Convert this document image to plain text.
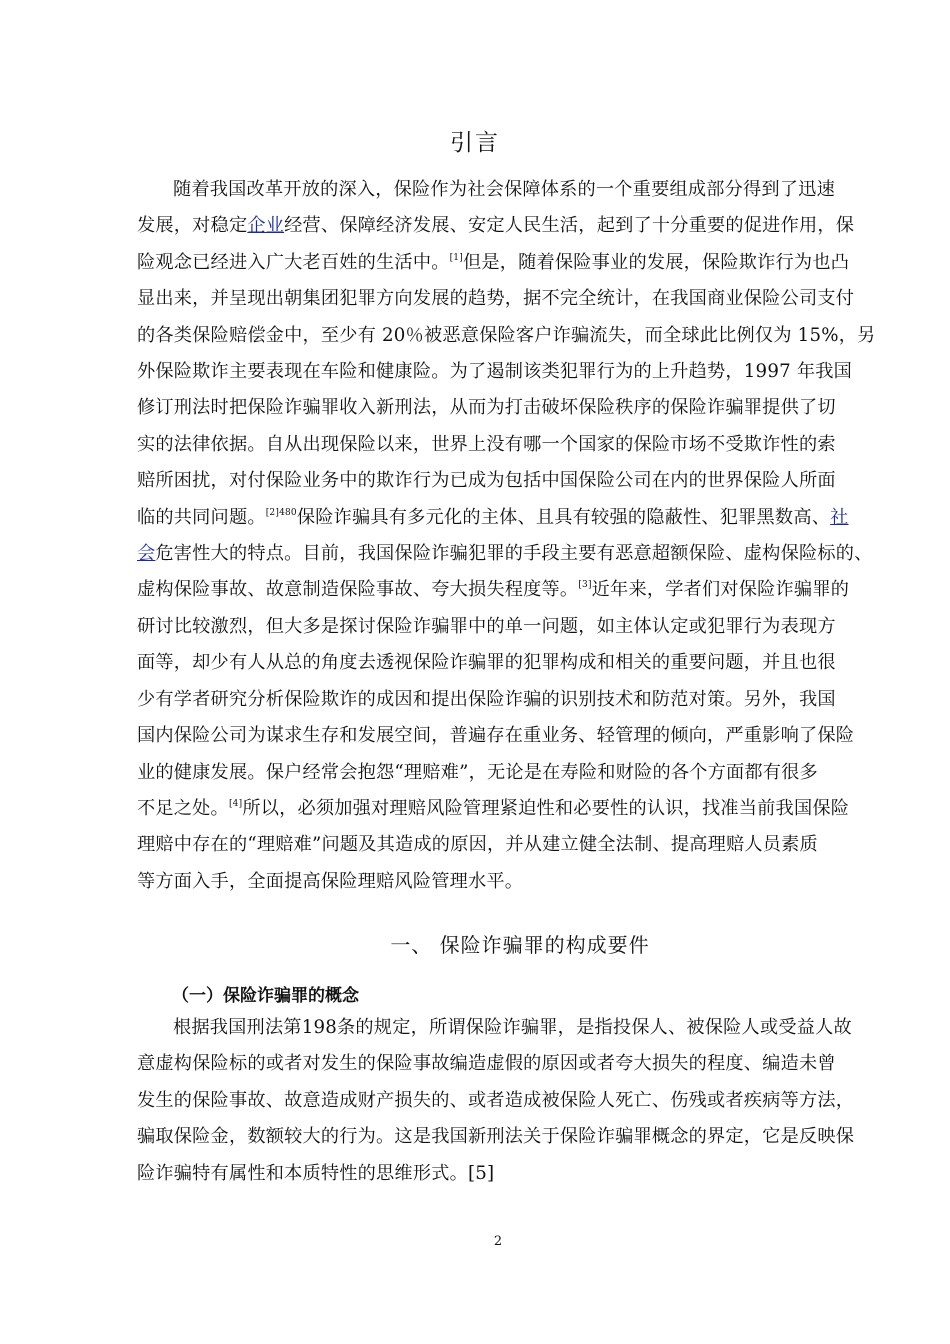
引言
随着我国改革开放的深入，保险作为社会保障体系的一个重要组成部分得到了迅速
发展，对稳定企业经营、保障经济发展、安定人民生活，起到了十分重要的促进作用，保
险观念已经进入广大老百姓的生活中。[1]但是，随着保险事业的发展，保险欺诈行为也凸
显出来，并呈现出朝集团犯罪方向发展的趋势，据不完全统计，在我国商业保险公司支付
的各类保险赔偿金中，至少有 20％被恶意保险客户诈骗流失，而全球此比例仅为 15%，另
外保险欺诈主要表现在车险和健康险。为了遏制该类犯罪行为的上升趋势，1997 年我国
修订刑法时把保险诈骗罪收入新刑法，从而为打击破坏保险秩序的保险诈骗罪提供了切
实的法律依据。自从出现保险以来，世界上没有哪一个国家的保险市场不受欺诈性的索
赔所困扰，对付保险业务中的欺诈行为已成为包括中国保险公司在内的世界保险人所面
临的共同问题。$^{[2]480}$保险诈骗具有多元化的主体、且具有较强的隐蔽性、犯罪黑数高、社
会危害性大的特点。目前，我国保险诈骗犯罪的手段主要有恶意超额保险、虚构保险标的、
虚构保险事故、故意制造保险事故、夸大损失程度等。[3]近年来，学者们对保险诈骗罪的
研讨比较激烈，但大多是探讨保险诈骗罪中的单一问题，如主体认定或犯罪行为表现方
面等，却少有人从总的角度去透视保险诈骗罪的犯罪构成和相关的重要问题，并且也很
少有学者研究分析保险欺诈的成因和提出保险诈骗的识别技术和防范对策。另外，我国
国内保险公司为谋求生存和发展空间，普遍存在重业务、轻管理的倾向，严重影响了保险
业的健康发展。保户经常会抱怨“理赔难”，无论是在寿险和财险的各个方面都有很多
不足之处。[4]所以，必须加强对理赔风险管理紧迫性和必要性的认识，找准当前我国保险
理赔中存在的“理赔难”问题及其造成的原因，并从建立健全法制、提高理赔人员素质
等方面入手，全面提高保险理赔风险管理水平。
一、 保险诈骗罪的构成要件
（一）保险诈骗罪的概念
根据我国刑法第198条的规定，所谓保险诈骗罪，是指投保人、被保险人或受益人故
意虚构保险标的或者对发生的保险事故编造虚假的原因或者夸大损失的程度、编造未曾
发生的保险事故、故意造成财产损失的、或者造成被保险人死亡、伤残或者疾病等方法，
骗取保险金，数额较大的行为。这是我国新刑法关于保险诈骗罪概念的界定，它是反映保
险诈骗特有属性和本质特性的思维形式。[5]
2
